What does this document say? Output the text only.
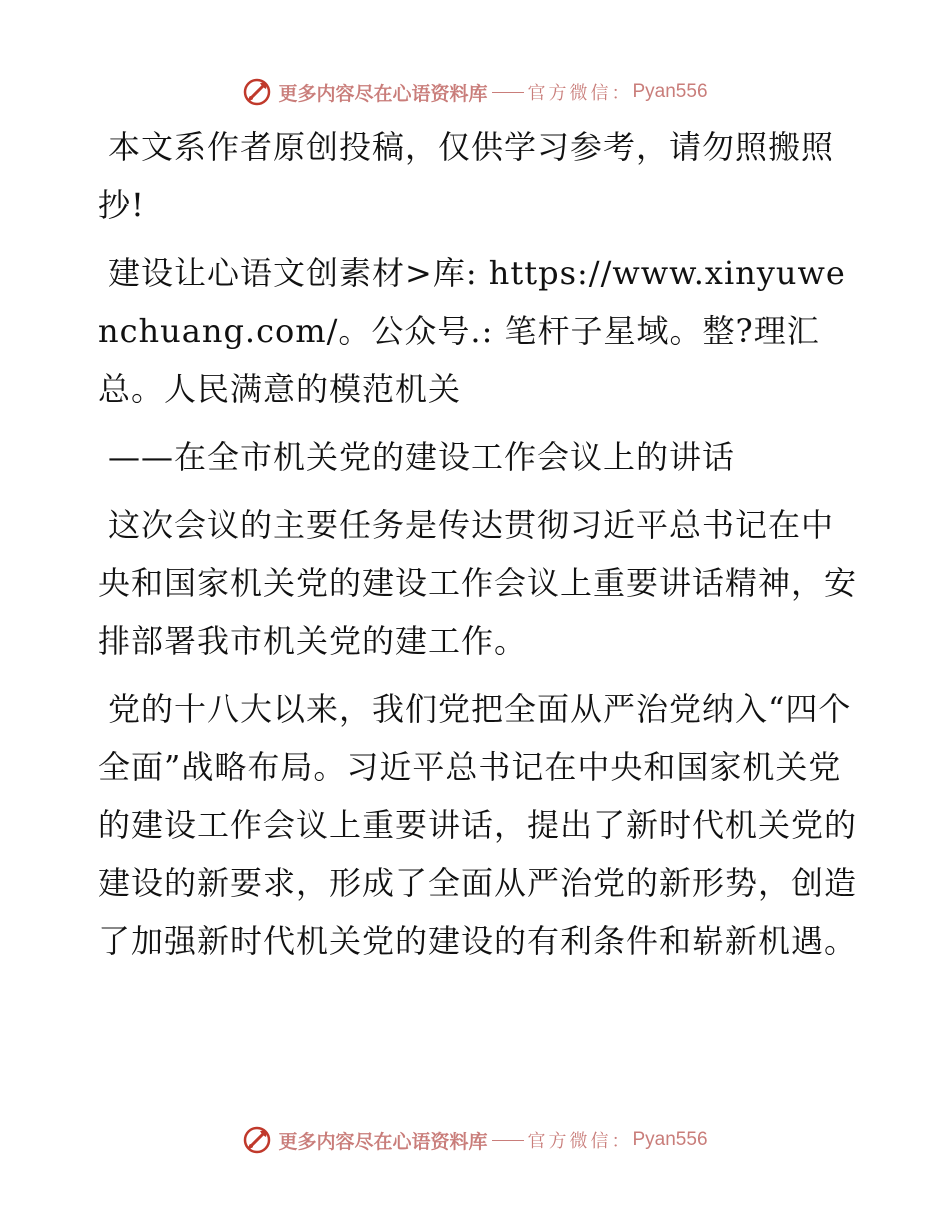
更多内容尽在心语资料库 官方微信： Pyan556

本文系作者原创投稿，仅供学习参考，请勿照搬照抄!

建设让心语文创素材>库: https://www.xinyuwenchuang.com/。公众号.: 笔杆子星域。整?理汇总。人民满意的模范机关

——在全市机关党的建设工作会议上的讲话

这次会议的主要任务是传达贯彻习近平总书记在中央和国家机关党的建设工作会议上重要讲话精神，安排部署我市机关党的建工作。

党的十八大以来，我们党把全面从严治党纳入“四个全面”战略布局。习近平总书记在中央和国家机关党的建设工作会议上重要讲话，提出了新时代机关党的建设的新要求，形成了全面从严治党的新形势，创造了加强新时代机关党的建设的有利条件和崭新机遇。

更多内容尽在心语资料库 官方微信： Pyan556
